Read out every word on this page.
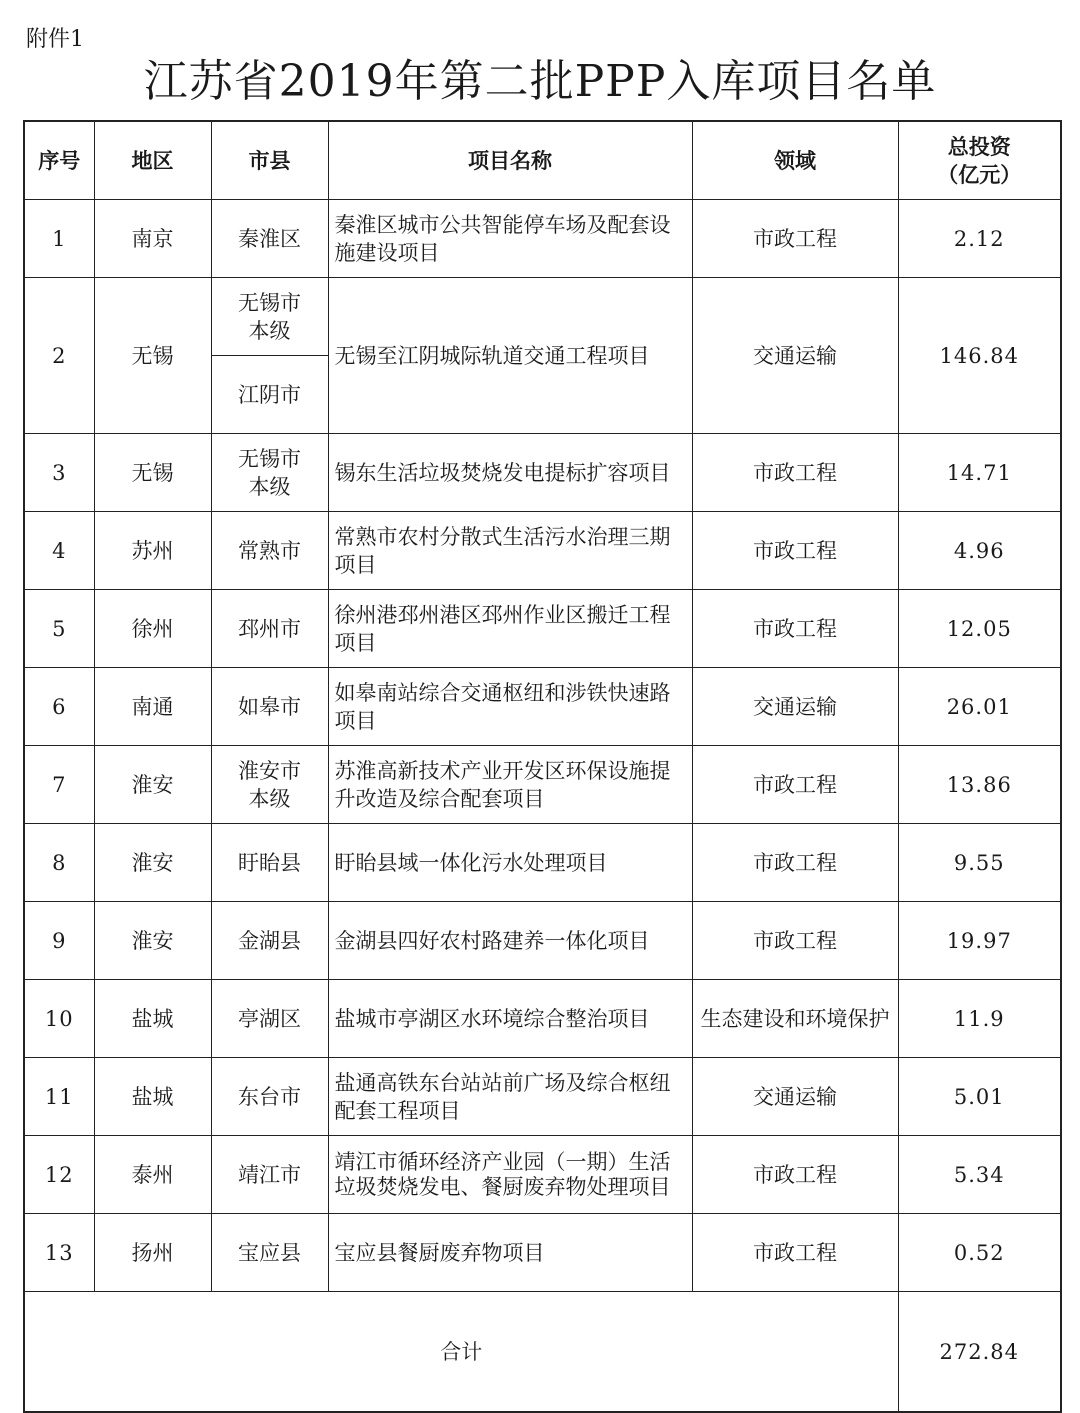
附件1
江苏省2019年第二批PPP入库项目名单
序号	地区	市县	项目名称	领域	总投资
（亿元）

1	南京	秦淮区	秦淮区城市公共智能停车场及配套设施建设项目	市政工程	2.12
2	无锡	无锡市本级	无锡至江阴城际轨道交通工程项目	交通运输	146.84
		江阴市			
3	无锡	无锡市本级	锡东生活垃圾焚烧发电提标扩容项目	市政工程	14.71
4	苏州	常熟市	常熟市农村分散式生活污水治理三期项目	市政工程	4.96
5	徐州	邳州市	徐州港邳州港区邳州作业区搬迁工程项目	市政工程	12.05
6	南通	如皋市	如皋南站综合交通枢纽和涉铁快速路项目	交通运输	26.01
7	淮安	淮安市本级	苏淮高新技术产业开发区环保设施提升改造及综合配套项目	市政工程	13.86
8	淮安	盱眙县	盱眙县域一体化污水处理项目	市政工程	9.55
9	淮安	金湖县	金湖县四好农村路建养一体化项目	市政工程	19.97
10	盐城	亭湖区	盐城市亭湖区水环境综合整治项目	生态建设和环境保护	11.9
11	盐城	东台市	盐通高铁东台站站前广场及综合枢纽配套工程项目	交通运输	5.01
12	泰州	靖江市	靖江市循环经济产业园（一期）生活垃圾焚烧发电、餐厨废弃物处理项目	市政工程	5.34
13	扬州	宝应县	宝应县餐厨废弃物项目	市政工程	0.52
合计					272.84
